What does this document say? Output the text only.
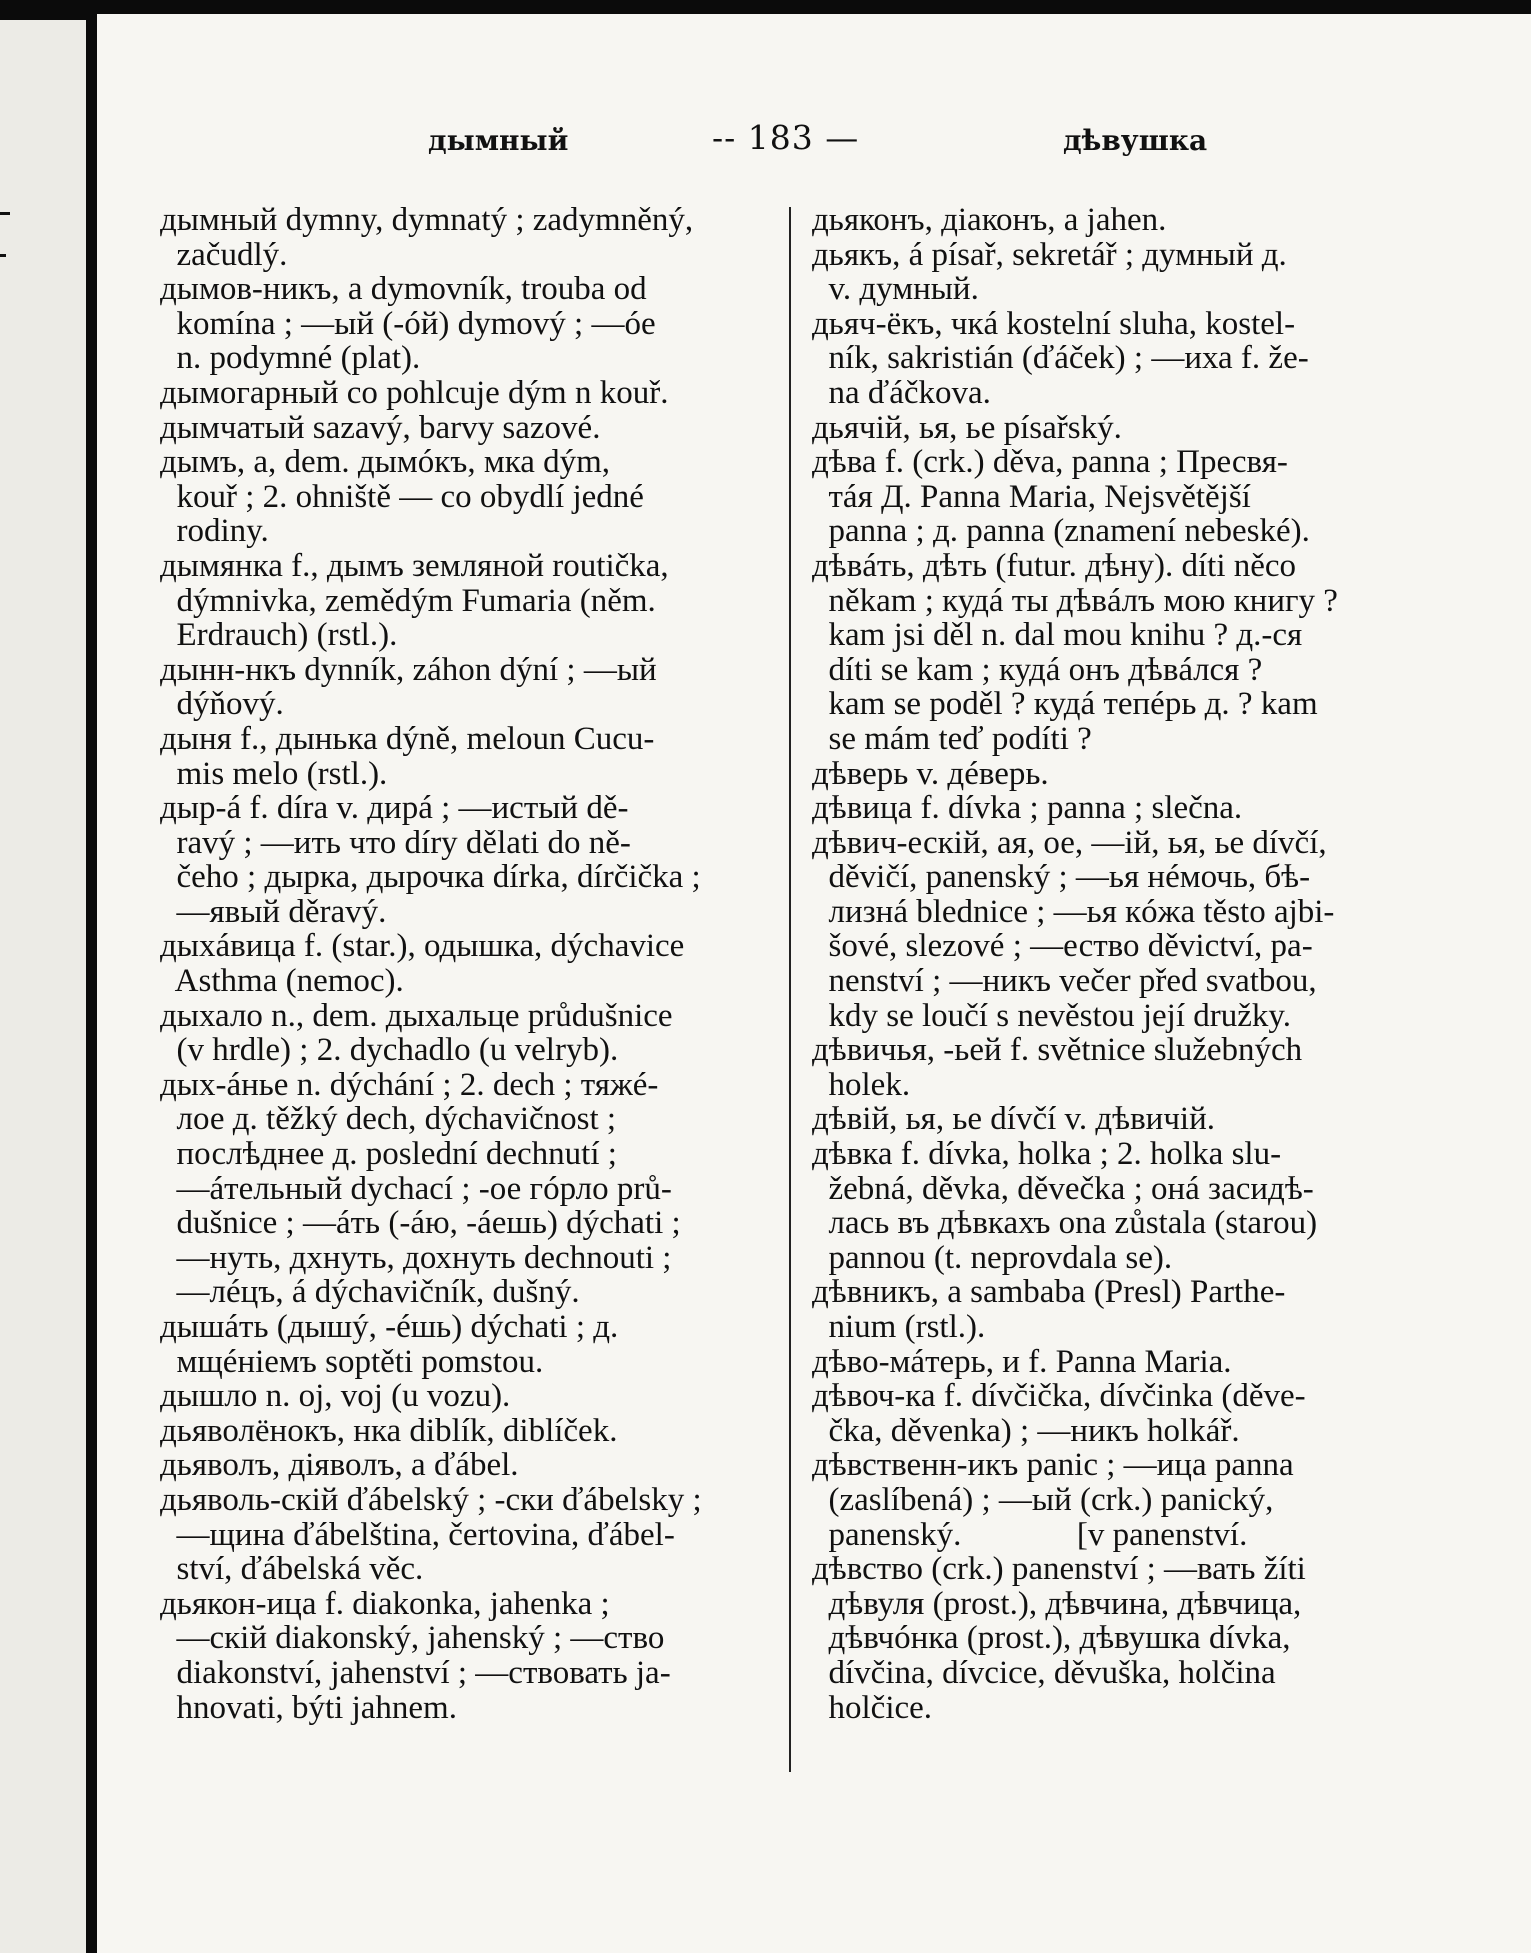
дымный	-- 183 —	дѣвушка
дымный dymny, dymnatý ; zadymněný,
začudlý.
дымов-никъ, a dymovník, trouba od
komína ; —ый (-óй) dymový ; —óe
n. podymné (plat).
дымогарный co pohlcuje dým n kouř.
дымчатый sazavý, barvy sazové.
дымъ, a, dem. дымóкъ, мка dým,
kouř ; 2. ohniště — co obydlí jedné
rodiny.
дымянка f., дымъ земляной routička,
dýmnivka, zemědým Fumaria (něm.
Erdrauch) (rstl.).
дынн-нкъ dynník, záhon dýní ; —ый
dýňový.
дыня f., дынька dýně, meloun Cucu-
mis melo (rstl.).
дыр-á f. díra v. дирá ; —истый dě-
ravý ; —ить что díry dělati do ně-
čeho ; дырка, дырочка dírka, dírčička ;
—явый děravý.
дыхáвица f. (star.), одышка, dýchavice
Asthma (nemoc).
дыхало n., dem. дыхальце průdušnice
(v hrdle) ; 2. dychadlo (u velryb).
дых-áнье n. dýchání ; 2. dech ; тяжé-
лое д. těžký dech, dýchavičnost ;
послѣднее д. poslední dechnutí ;
—áтельный dychací ; -ое гóрло prů-
dušnice ; —áть (-áю, -áешь) dýchati ;
—нуть, дхнуть, дохнуть dechnouti ;
—лéцъ, á dýchavičník, dušný.
дышáть (дышý, -éшь) dýchati ; д.
мщéніемъ soptěti pomstou.
дышло n. oj, voj (u vozu).
дьяволёнокъ, нка diblík, diblíček.
дьяволъ, діяволъ, a ďábel.
дьяволь-скій ďábelský ; -ски ďábelsky ;
—щина ďábelština, čertovina, ďábel-
ství, ďábelská věc.
дьякон-ица f. diakonka, jahenka ;
—скій diakonský, jahenský ; —ство
diakonství, jahenství ; —ствовать ja-
hnovati, býti jahnem.
дьяконъ, діаконъ, a jahen.
дьякъ, á písař, sekretář ; думный д.
v. думный.
дьяч-ёкъ, чкá kostelní sluha, kostel-
ník, sakristián (ďáček) ; —иха f. že-
na ďáčkova.
дьячій, ья, ье písařský.
дѣва f. (crk.) děva, panna ; Пресвя-
тáя Д. Panna Maria, Nejsvětější
panna ; д. panna (znamení nebeské).
дѣвáть, дѣть (futur. дѣну). díti něco
někam ; кудá ты дѣвáлъ мою книгу ?
kam jsi děl n. dal mou knihu ? д.-ся
díti se kam ; кудá онъ дѣвáлся ?
kam se poděl ? кудá тепéрь д. ? kam
se mám teď podíti ?
дѣверь v. дéверь.
дѣвица f. dívka ; panna ; slečna.
дѣвич-ескій, ая, ое, —ій, ья, ье dívčí,
děvičí, panenský ; —ья нéмочь, бѣ-
лизнá blednice ; —ья кóжа těsto ajbi-
šové, slezové ; —ество děvictví, pa-
nenství ; —никъ večer před svatbou,
kdy se loučí s nevěstou její družky.
дѣвичья, -ьей f. světnice služebných
holek.
дѣвій, ья, ье dívčí v. дѣвичій.
дѣвка f. dívka, holka ; 2. holka slu-
žebná, děvka, děvečka ; онá засидѣ-
лась въ дѣвкахъ ona zůstala (starou)
pannou (t. neprovdala se).
дѣвникъ, a sambaba (Presl) Parthe-
nium (rstl.).
дѣво-мáтерь, и f. Panna Maria.
дѣвоч-ка f. dívčička, dívčinka (děve-
čka, děvenka) ; —никъ holkář.
дѣвственн-икъ panic ; —ица panna
(zaslíbená) ; —ый (crk.) panický,
panenský.              [v panenství.
дѣвство (crk.) panenství ; —вать žíti
дѣвуля (prost.), дѣвчина, дѣвчица,
дѣвчóнка (prost.), дѣвушка dívka,
dívčina, dívcice, děvuška, holčina
holčice.
